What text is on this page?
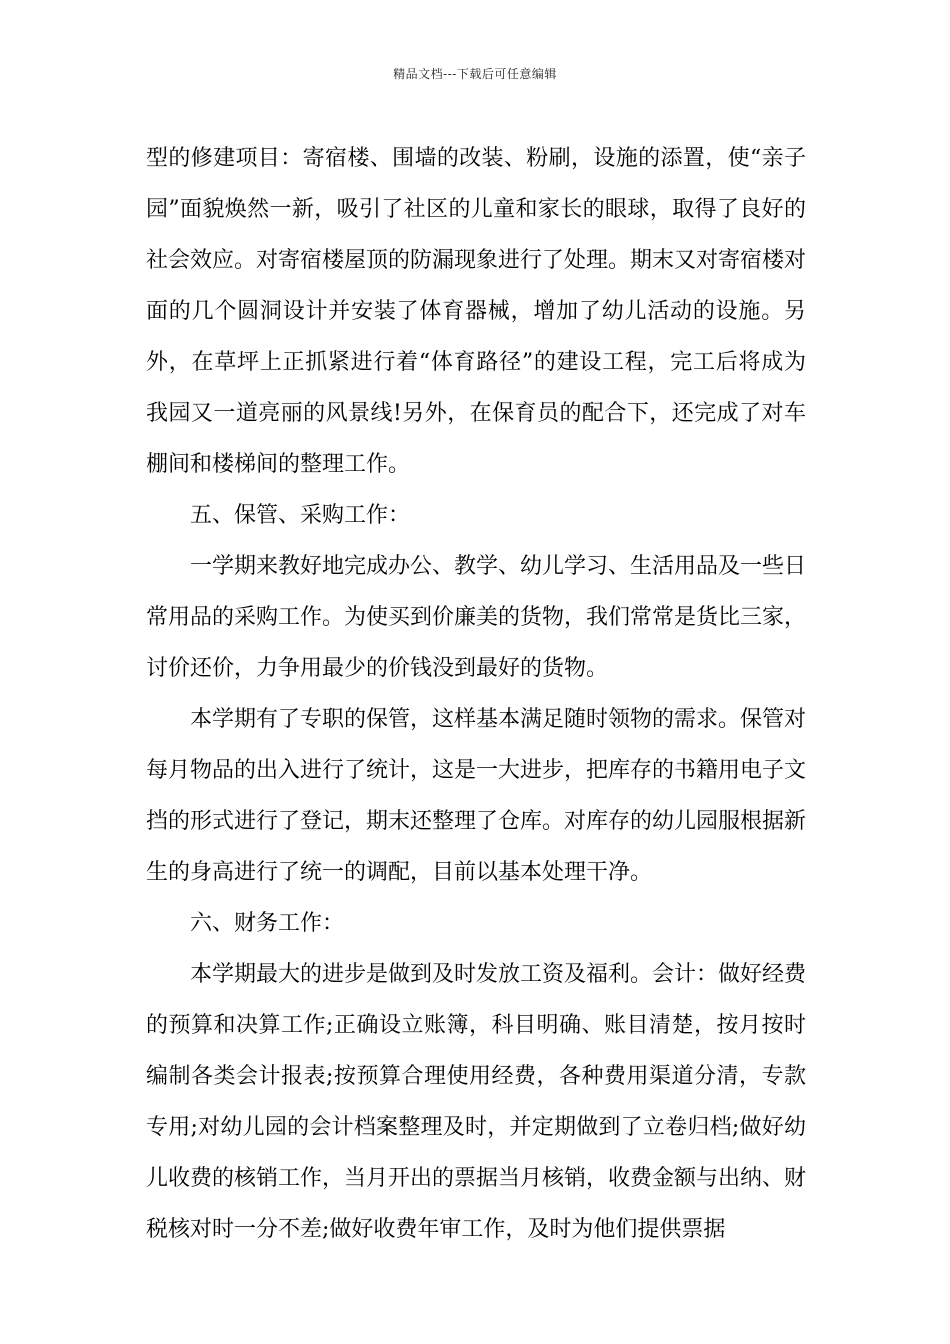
精品文档---下载后可任意编辑

型的修建项目：寄宿楼、围墙的改装、粉刷，设施的添置，使“亲子园”面貌焕然一新，吸引了社区的儿童和家长的眼球，取得了良好的社会效应。对寄宿楼屋顶的防漏现象进行了处理。期末又对寄宿楼对面的几个圆洞设计并安装了体育器械，增加了幼儿活动的设施。另外，在草坪上正抓紧进行着“体育路径”的建设工程，完工后将成为我园又一道亮丽的风景线!另外，在保育员的配合下，还完成了对车棚间和楼梯间的整理工作。

五、保管、采购工作：

一学期来教好地完成办公、教学、幼儿学习、生活用品及一些日常用品的采购工作。为使买到价廉美的货物，我们常常是货比三家，讨价还价，力争用最少的价钱没到最好的货物。

本学期有了专职的保管，这样基本满足随时领物的需求。保管对每月物品的出入进行了统计，这是一大进步，把库存的书籍用电子文挡的形式进行了登记，期末还整理了仓库。对库存的幼儿园服根据新生的身高进行了统一的调配，目前以基本处理干净。

六、财务工作：

本学期最大的进步是做到及时发放工资及福利。会计：做好经费的预算和决算工作;正确设立账簿，科目明确、账目清楚，按月按时编制各类会计报表;按预算合理使用经费，各种费用渠道分清，专款专用;对幼儿园的会计档案整理及时，并定期做到了立卷归档;做好幼儿收费的核销工作，当月开出的票据当月核销，收费金额与出纳、财税核对时一分不差;做好收费年审工作，及时为他们提供票据
